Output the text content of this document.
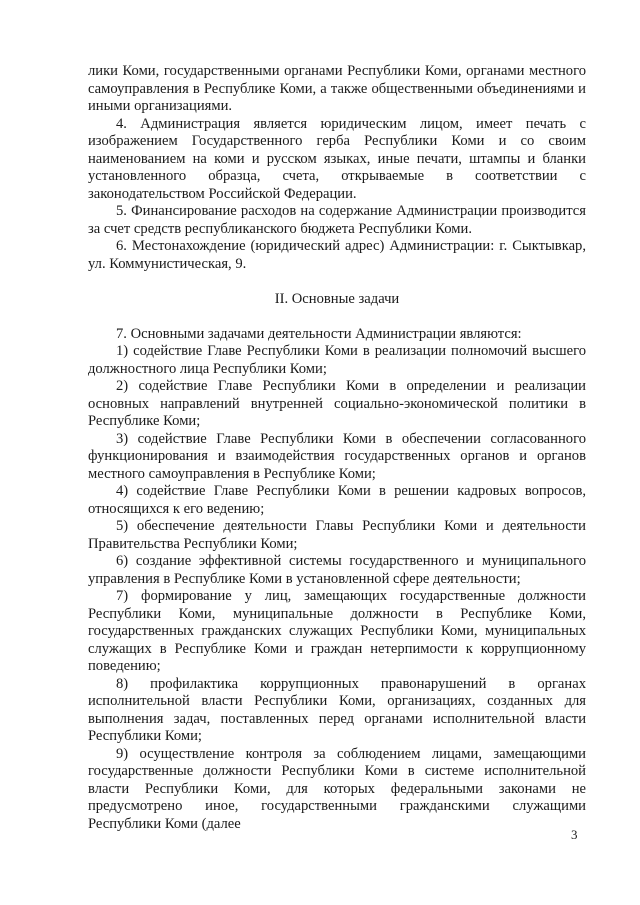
лики Коми, государственными органами Республики Коми, органами местного самоуправления в Республике Коми, а также общественными объединениями и иными организациями.

4. Администрация является юридическим лицом, имеет печать с изображением Государственного герба Республики Коми и со своим наименованием на коми и русском языках, иные печати, штампы и бланки установленного образца, счета, открываемые в соответствии с законодательством Российской Федерации.

5. Финансирование расходов на содержание Администрации производится за счет средств республиканского бюджета Республики Коми.

6. Местонахождение (юридический адрес) Администрации: г. Сыктывкар, ул. Коммунистическая, 9.

II. Основные задачи

7. Основными задачами деятельности Администрации являются:

1) содействие Главе Республики Коми в реализации полномочий высшего должностного лица Республики Коми;

2) содействие Главе Республики Коми в определении и реализации основных направлений внутренней социально-экономической политики в Республике Коми;

3) содействие Главе Республики Коми в обеспечении согласованного функционирования и взаимодействия государственных органов и органов местного самоуправления в Республике Коми;

4) содействие Главе Республики Коми в решении кадровых вопросов, относящихся к его ведению;

5) обеспечение деятельности Главы Республики Коми и деятельности Правительства Республики Коми;

6) создание эффективной системы государственного и муниципального управления в Республике Коми в установленной сфере деятельности;

7) формирование у лиц, замещающих государственные должности Республики Коми, муниципальные должности в Республике Коми, государственных гражданских служащих Республики Коми, муниципальных служащих в Республике Коми и граждан нетерпимости к коррупционному поведению;

8) профилактика коррупционных правонарушений в органах исполнительной власти Республики Коми, организациях, созданных для выполнения задач, поставленных перед органами исполнительной власти Республики Коми;

9) осуществление контроля за соблюдением лицами, замещающими государственные должности Республики Коми в системе исполнительной власти Республики Коми, для которых федеральными законами не предусмотрено иное, государственными гражданскими служащими Республики Коми (далее

3
